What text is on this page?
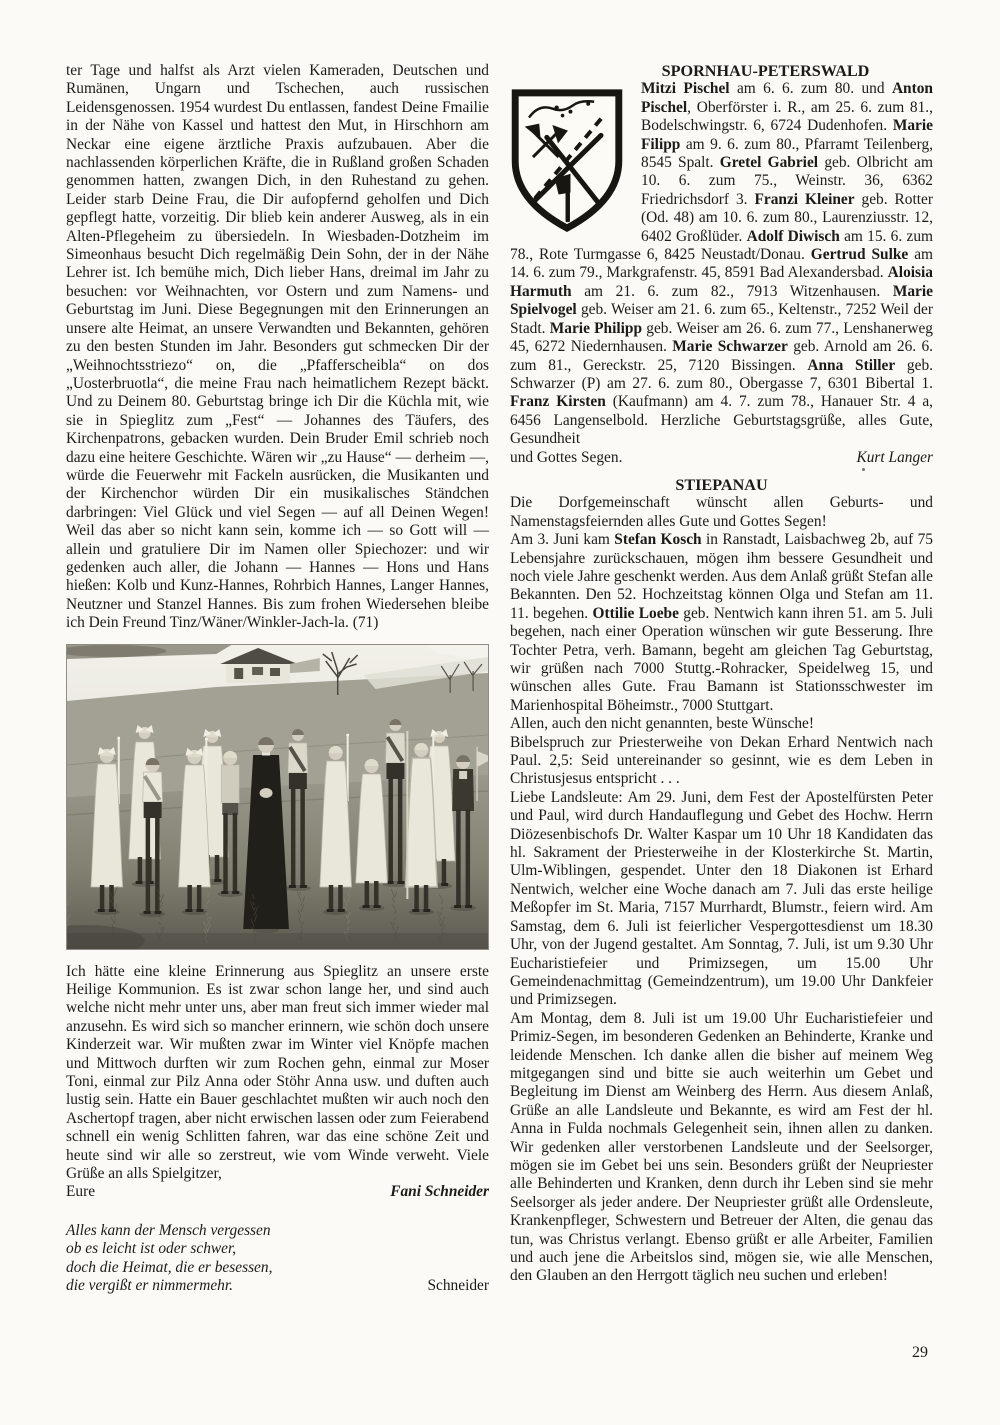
ter Tage und halfst als Arzt vielen Kameraden, Deutschen und Rumänen, Ungarn und Tschechen, auch russischen Leidensgenossen. 1954 wurdest Du entlassen, fandest Deine Fmailie in der Nähe von Kassel und hattest den Mut, in Hirschhorn am Neckar eine eigene ärztliche Praxis aufzubauen. Aber die nachlassenden körperlichen Kräfte, die in Rußland großen Schaden genommen hatten, zwangen Dich, in den Ruhestand zu gehen. Leider starb Deine Frau, die Dir aufopfernd geholfen und Dich gepflegt hatte, vorzeitig. Dir blieb kein anderer Ausweg, als in ein Alten-Pflegeheim zu übersiedeln. In Wiesbaden-Dotzheim im Simeonhaus besucht Dich regelmäßig Dein Sohn, der in der Nähe Lehrer ist. Ich bemühe mich, Dich lieber Hans, dreimal im Jahr zu besuchen: vor Weihnachten, vor Ostern und zum Namens- und Geburtstag im Juni. Diese Begegnungen mit den Erinnerungen an unsere alte Heimat, an unsere Verwandten und Bekannten, gehören zu den besten Stunden im Jahr. Besonders gut schmecken Dir der „Weihnochtsstriezo“ on, die „Pfafferscheibla“ on dos „Uosterbruotla“, die meine Frau nach heimatlichem Rezept bäckt. Und zu Deinem 80. Geburtstag bringe ich Dir die Küchla mit, wie sie in Spieglitz zum „Fest“ — Johannes des Täufers, des Kirchenpatrons, gebacken wurden. Dein Bruder Emil schrieb noch dazu eine heitere Geschichte. Wären wir „zu Hause“ — derheim —, würde die Feuerwehr mit Fackeln ausrücken, die Musikanten und der Kirchenchor würden Dir ein musikalisches Ständchen darbringen: Viel Glück und viel Segen — auf all Deinen Wegen! Weil das aber so nicht kann sein, komme ich — so Gott will — allein und gratuliere Dir im Namen oller Spiechozer: und wir gedenken auch aller, die Johann — Hannes — Hons und Hans hießen: Kolb und Kunz-Hannes, Rohrbich Hannes, Langer Hannes, Neutzner und Stanzel Hannes. Bis zum frohen Wiedersehen bleibe ich Dein Freund Tinz/Wäner/Winkler-Jach-la. (71)

Ich hätte eine kleine Erinnerung aus Spieglitz an unsere erste Heilige Kommunion. Es ist zwar schon lange her, und sind auch welche nicht mehr unter uns, aber man freut sich immer wieder mal anzusehn. Es wird sich so mancher erinnern, wie schön doch unsere Kinderzeit war. Wir mußten zwar im Winter viel Knöpfe machen und Mittwoch durften wir zum Rochen gehn, einmal zur Moser Toni, einmal zur Pilz Anna oder Stöhr Anna usw. und duften auch lustig sein. Hatte ein Bauer geschlachtet mußten wir auch noch den Aschertopf tragen, aber nicht erwischen lassen oder zum Feierabend schnell ein wenig Schlitten fahren, war das eine schöne Zeit und heute sind wir alle so zerstreut, wie vom Winde verweht. Viele Grüße an alls Spielgitzer,

Eure	Fani Schneider
Alles kann der Mensch vergessen
ob es leicht ist oder schwer,
doch die Heimat, die er besessen,
die vergißt er nimmermehr.	Schneider
SPORNHAU-PETERSWALD

Mitzi Pischel am 6. 6. zum 80. und Anton Pischel, Oberförster i. R., am 25. 6. zum 81., Bodelschwingstr. 6, 6724 Dudenhofen. Marie Filipp am 9. 6. zum 80., Pfarramt Teilenberg, 8545 Spalt. Gretel Gabriel geb. Olbricht am 10. 6. zum 75., Weinstr. 36, 6362 Friedrichsdorf 3. Franzi Kleiner geb. Rotter (Od. 48) am 10. 6. zum 80., Laurenziusstr. 12, 6402 Großlüder. Adolf Diwisch am 15. 6. zum 78., Rote Turmgasse 6, 8425 Neustadt/Donau. Gertrud Sulke am 14. 6. zum 79., Markgrafenstr. 45, 8591 Bad Alexandersbad. Aloisia Harmuth am 21. 6. zum 82., 7913 Witzenhausen. Marie Spielvogel geb. Weiser am 21. 6. zum 65., Keltenstr., 7252 Weil der Stadt. Marie Philipp geb. Weiser am 26. 6. zum 77., Lenshanerweg 45, 6272 Niedernhausen. Marie Schwarzer geb. Arnold am 26. 6. zum 81., Gereckstr. 25, 7120 Bissingen. Anna Stiller geb. Schwarzer (P) am 27. 6. zum 80., Obergasse 7, 6301 Bibertal 1. Franz Kirsten (Kaufmann) am 4. 7. zum 78., Hanauer Str. 4 a, 6456 Langenselbold. Herzliche Geburtstagsgrüße, alles Gute, Gesundheit

und Gottes Segen.	Kurt Langer
STIEPANAU

Die Dorfgemeinschaft wünscht allen Geburts- und Namenstagsfeiernden alles Gute und Gottes Segen!

Am 3. Juni kam Stefan Kosch in Ranstadt, Laisbachweg 2b, auf 75 Lebensjahre zurückschauen, mögen ihm bessere Gesundheit und noch viele Jahre geschenkt werden. Aus dem Anlaß grüßt Stefan alle Bekannten. Den 52. Hochzeitstag können Olga und Stefan am 11. 11. begehen. Ottilie Loebe geb. Nentwich kann ihren 51. am 5. Juli begehen, nach einer Operation wünschen wir gute Besserung. Ihre Tochter Petra, verh. Bamann, begeht am gleichen Tag Geburtstag, wir grüßen nach 7000 Stuttg.-Rohracker, Speidelweg 15, und wünschen alles Gute. Frau Bamann ist Stationsschwester im Marienhospital Böheimstr., 7000 Stuttgart.

Allen, auch den nicht genannten, beste Wünsche!

Bibelspruch zur Priesterweihe von Dekan Erhard Nentwich nach Paul. 2,5: Seid untereinander so gesinnt, wie es dem Leben in Christusjesus entspricht . . .

Liebe Landsleute: Am 29. Juni, dem Fest der Apostelfürsten Peter und Paul, wird durch Handauflegung und Gebet des Hochw. Herrn Diözesenbischofs Dr. Walter Kaspar um 10 Uhr 18 Kandidaten das hl. Sakrament der Priesterweihe in der Klosterkirche St. Martin, Ulm-Wiblingen, gespendet. Unter den 18 Diakonen ist Erhard Nentwich, welcher eine Woche danach am 7. Juli das erste heilige Meßopfer im St. Maria, 7157 Murrhardt, Blumstr., feiern wird. Am Samstag, dem 6. Juli ist feierlicher Vespergottesdienst um 18.30 Uhr, von der Jugend gestaltet. Am Sonntag, 7. Juli, ist um 9.30 Uhr Eucharistiefeier und Primizsegen, um 15.00 Uhr Gemeindenachmittag (Gemeindzentrum), um 19.00 Uhr Dankfeier und Primizsegen.

Am Montag, dem 8. Juli ist um 19.00 Uhr Eucharistiefeier und Primiz-Segen, im besonderen Gedenken an Behinderte, Kranke und leidende Menschen. Ich danke allen die bisher auf meinem Weg mitgegangen sind und bitte sie auch weiterhin um Gebet und Begleitung im Dienst am Weinberg des Herrn. Aus diesem Anlaß, Grüße an alle Landsleute und Bekannte, es wird am Fest der hl. Anna in Fulda nochmals Gelegenheit sein, ihnen allen zu danken. Wir gedenken aller verstorbenen Landsleute und der Seelsorger, mögen sie im Gebet bei uns sein. Besonders grüßt der Neupriester alle Behinderten und Kranken, denn durch ihr Leben sind sie mehr Seelsorger als jeder andere. Der Neupriester grüßt alle Ordensleute, Krankenpfleger, Schwestern und Betreuer der Alten, die genau das tun, was Christus verlangt. Ebenso grüßt er alle Arbeiter, Familien und auch jene die Arbeitslos sind, mögen sie, wie alle Menschen, den Glauben an den Herrgott täglich neu suchen und erleben!

29
